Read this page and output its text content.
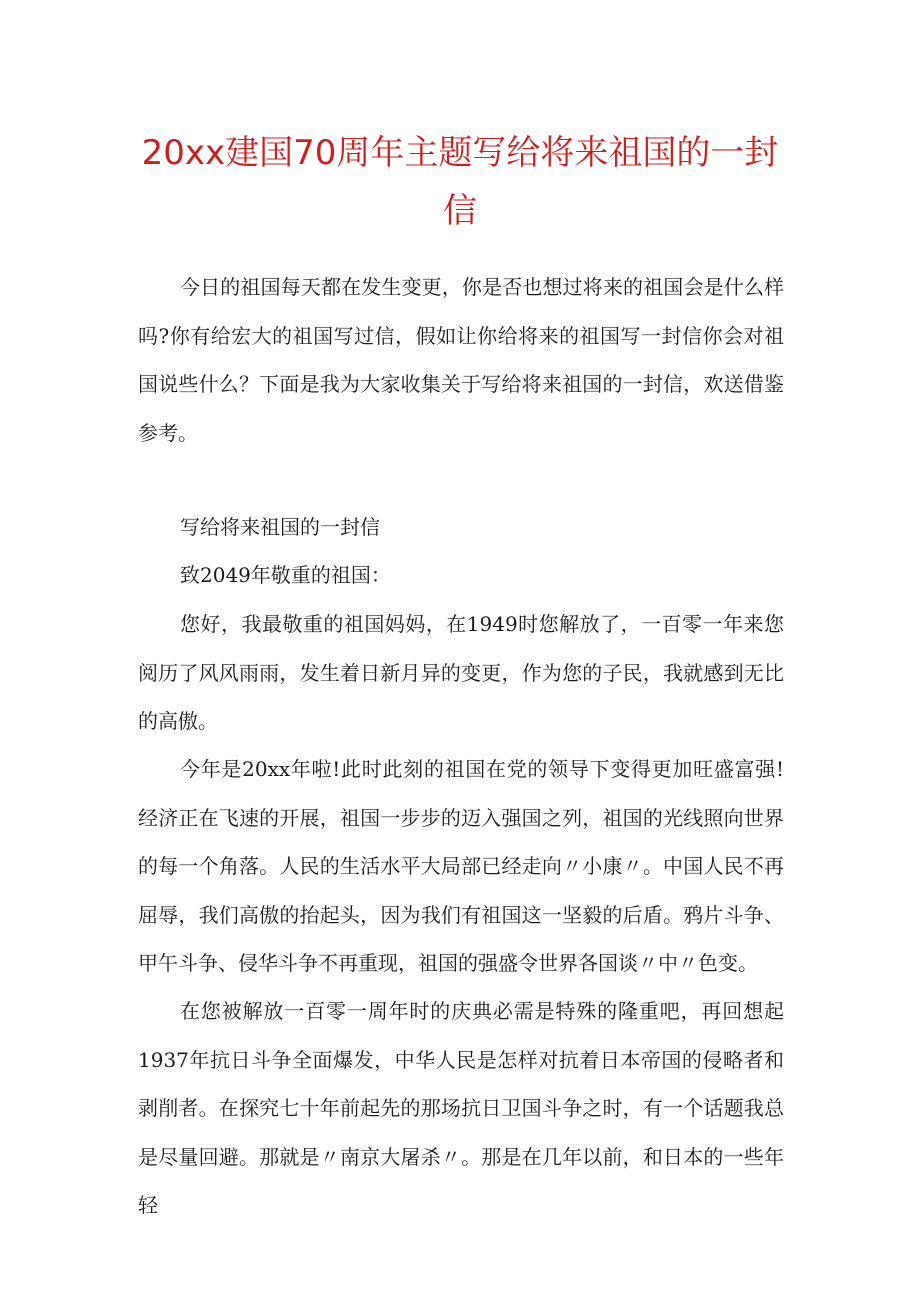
20xx建国70周年主题写给将来祖国的一封信

今日的祖国每天都在发生变更，你是否也想过将来的祖国会是什么样吗?你有给宏大的祖国写过信，假如让你给将来的祖国写一封信你会对祖国说些什么？下面是我为大家收集关于写给将来祖国的一封信，欢送借鉴参考。

写给将来祖国的一封信

致2049年敬重的祖国：

您好，我最敬重的祖国妈妈，在1949时您解放了，一百零一年来您阅历了风风雨雨，发生着日新月异的变更，作为您的子民，我就感到无比的高傲。

今年是20xx年啦!此时此刻的祖国在党的领导下变得更加旺盛富强!经济正在飞速的开展，祖国一步步的迈入强国之列，祖国的光线照向世界的每一个角落。人民的生活水平大局部已经走向〃小康〃。中国人民不再屈辱，我们高傲的抬起头，因为我们有祖国这一坚毅的后盾。鸦片斗争、甲午斗争、侵华斗争不再重现，祖国的强盛令世界各国谈〃中〃色变。

在您被解放一百零一周年时的庆典必需是特殊的隆重吧，再回想起1937年抗日斗争全面爆发，中华人民是怎样对抗着日本帝国的侵略者和剥削者。在探究七十年前起先的那场抗日卫国斗争之时，有一个话题我总是尽量回避。那就是〃南京大屠杀〃。那是在几年以前，和日本的一些年轻
